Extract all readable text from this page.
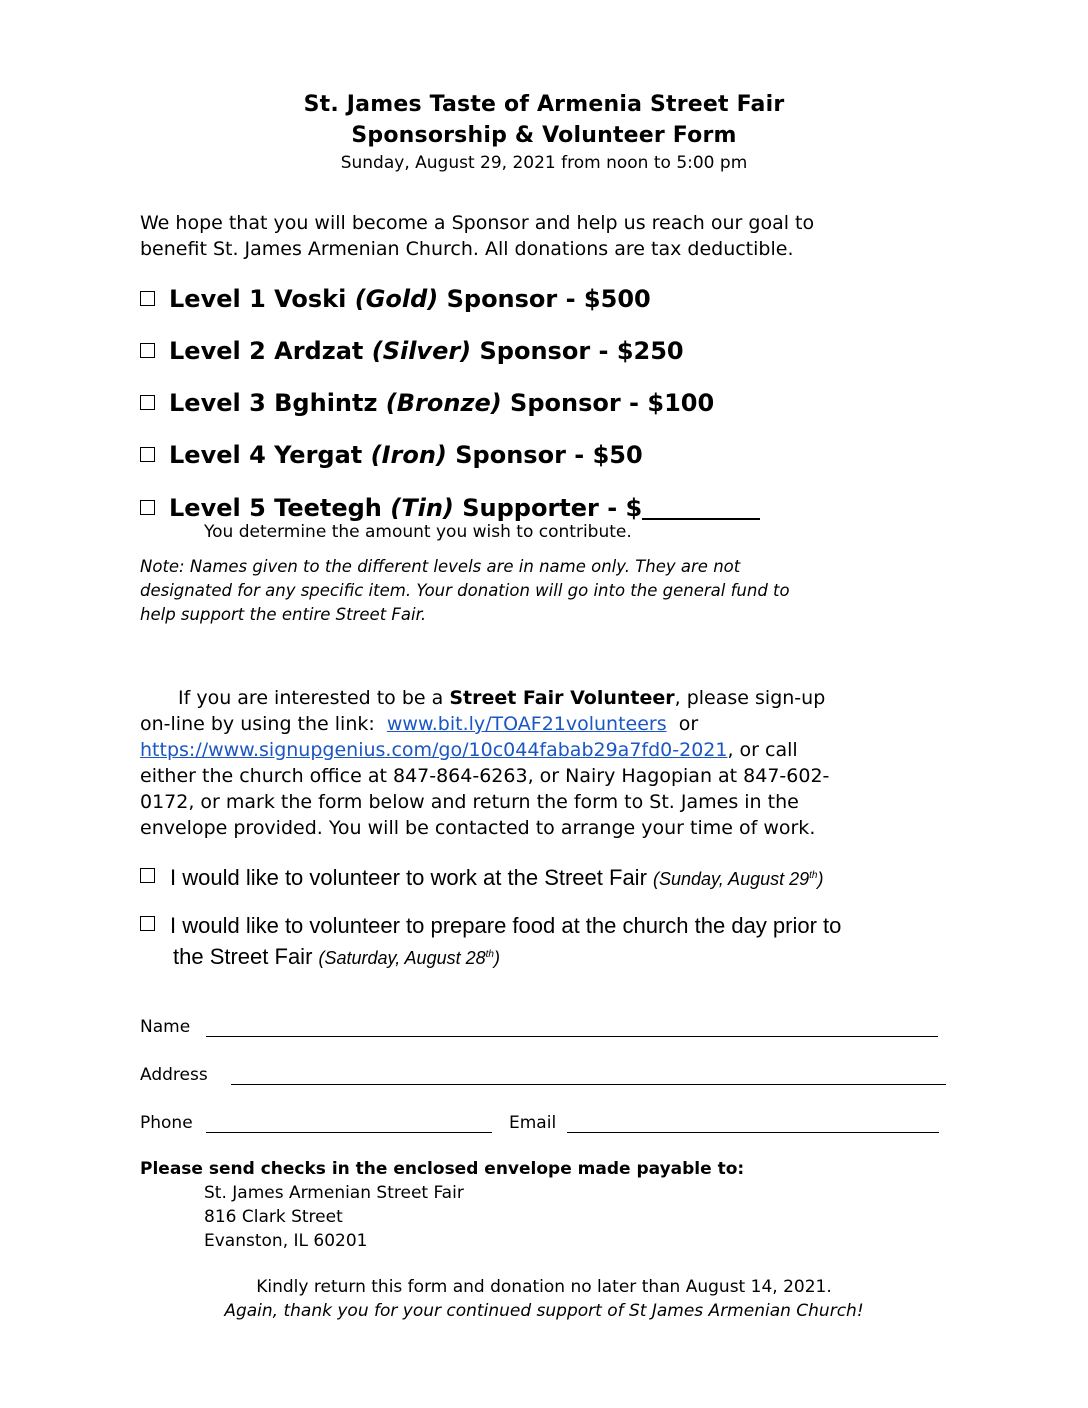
St. James Taste of Armenia Street Fair
Sponsorship & Volunteer Form
Sunday, August 29, 2021 from noon to 5:00 pm
We hope that you will become a Sponsor and help us reach our goal to
benefit St. James Armenian Church. All donations are tax deductible.
Level 1 Voski (Gold) Sponsor - $500
Level 2 Ardzat (Silver) Sponsor - $250
Level 3 Bghintz (Bronze) Sponsor - $100
Level 4 Yergat (Iron) Sponsor - $50
Level 5 Teetegh (Tin) Supporter - $
You determine the amount you wish to contribute.
Note: Names given to the different levels are in name only. They are not
designated for any specific item. Your donation will go into the general fund to
help support the entire Street Fair.
If you are interested to be a Street Fair Volunteer, please sign-up
on-line by using the link:  www.bit.ly/TOAF21volunteers  or
https://www.signupgenius.com/go/10c044fabab29a7fd0-2021, or call
either the church office at 847-864-6263, or Nairy Hagopian at 847-602-
0172, or mark the form below and return the form to St. James in the
envelope provided. You will be contacted to arrange your time of work.
I would like to volunteer to work at the Street Fair (Sunday, August 29th)
I would like to volunteer to prepare food at the church the day prior to
the Street Fair (Saturday, August 28th)
Name
Address
Phone	Email
Please send checks in the enclosed envelope made payable to:
St. James Armenian Street Fair
816 Clark Street
Evanston, IL 60201
Kindly return this form and donation no later than August 14, 2021.
Again, thank you for your continued support of St James Armenian Church!
